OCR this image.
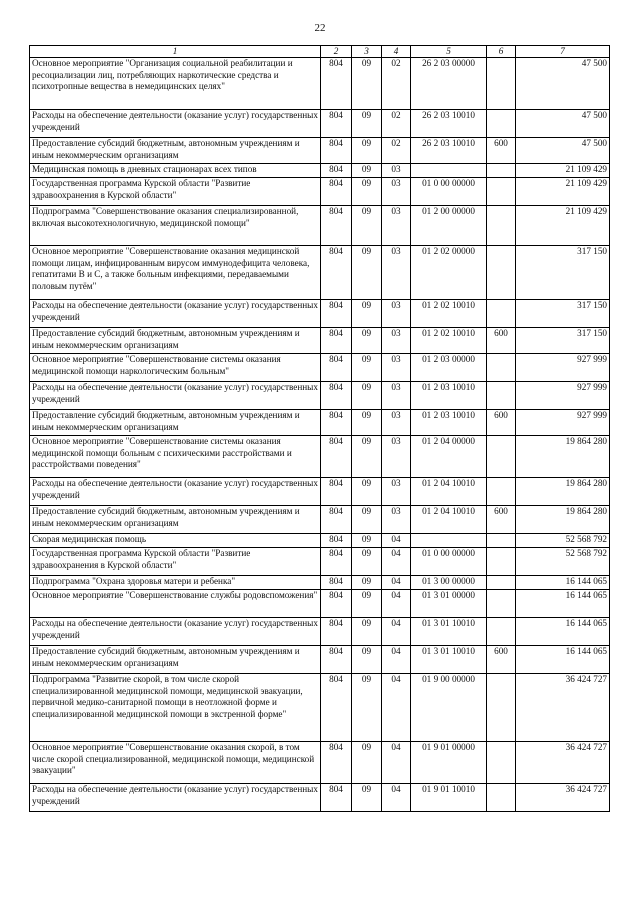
22
1	2	3	4	5	6	7
Основное мероприятие "Организация социальной реабилитации и ресоциализации лиц, потребляющих наркотические средства и психотропные вещества в немедицинских целях"	804	09	02	26 2 03 00000		47 500
Расходы на обеспечение деятельности (оказание услуг) государственных учреждений	804	09	02	26 2 03 10010		47 500
Предоставление субсидий бюджетным, автономным учреждениям и иным некоммерческим организациям	804	09	02	26 2 03 10010	600	47 500
Медицинская помощь в дневных стационарах всех типов	804	09	03			21 109 429
Государственная программа Курской области "Развитие здравоохранения в Курской области"	804	09	03	01 0 00 00000		21 109 429
Подпрограмма "Совершенствование оказания специализированной, включая высокотехнологичную, медицинской помощи"	804	09	03	01 2 00 00000		21 109 429
Основное мероприятие "Совершенствование оказания медицинской помощи лицам, инфицированным вирусом иммунодефицита человека, гепатитами B и C, а также больным инфекциями, передаваемыми половым путём"	804	09	03	01 2 02 00000		317 150
Расходы на обеспечение деятельности (оказание услуг) государственных учреждений	804	09	03	01 2 02 10010		317 150
Предоставление субсидий бюджетным, автономным учреждениям и иным некоммерческим организациям	804	09	03	01 2 02 10010	600	317 150
Основное мероприятие "Совершенствование системы оказания медицинской помощи наркологическим больным"	804	09	03	01 2 03 00000		927 999
Расходы на обеспечение деятельности (оказание услуг) государственных учреждений	804	09	03	01 2 03 10010		927 999
Предоставление субсидий бюджетным, автономным учреждениям и иным некоммерческим организациям	804	09	03	01 2 03 10010	600	927 999
Основное мероприятие "Совершенствование системы оказания медицинской помощи больным с психическими расстройствами и расстройствами поведения"	804	09	03	01 2 04 00000		19 864 280
Расходы на обеспечение деятельности (оказание услуг) государственных учреждений	804	09	03	01 2 04 10010		19 864 280
Предоставление субсидий бюджетным, автономным учреждениям и иным некоммерческим организациям	804	09	03	01 2 04 10010	600	19 864 280
Скорая медицинская помощь	804	09	04			52 568 792
Государственная программа Курской области "Развитие здравоохранения в Курской области"	804	09	04	01 0 00 00000		52 568 792
Подпрограмма "Охрана здоровья матери и ребенка"	804	09	04	01 3 00 00000		16 144 065
Основное мероприятие "Совершенствование службы родовспоможения"	804	09	04	01 3 01 00000		16 144 065
Расходы на обеспечение деятельности (оказание услуг) государственных учреждений	804	09	04	01 3 01 10010		16 144 065
Предоставление субсидий бюджетным, автономным учреждениям и иным некоммерческим организациям	804	09	04	01 3 01 10010	600	16 144 065
Подпрограмма "Развитие скорой, в том числе скорой специализированной медицинской помощи, медицинской эвакуации, первичной медико-санитарной помощи в неотложной форме и специализированной медицинской помощи в экстренной форме"	804	09	04	01 9 00 00000		36 424 727
Основное мероприятие "Совершенствование оказания скорой, в том числе скорой специализированной, медицинской помощи, медицинской эвакуации"	804	09	04	01 9 01 00000		36 424 727
Расходы на обеспечение деятельности (оказание услуг) государственных учреждений	804	09	04	01 9 01 10010		36 424 727
